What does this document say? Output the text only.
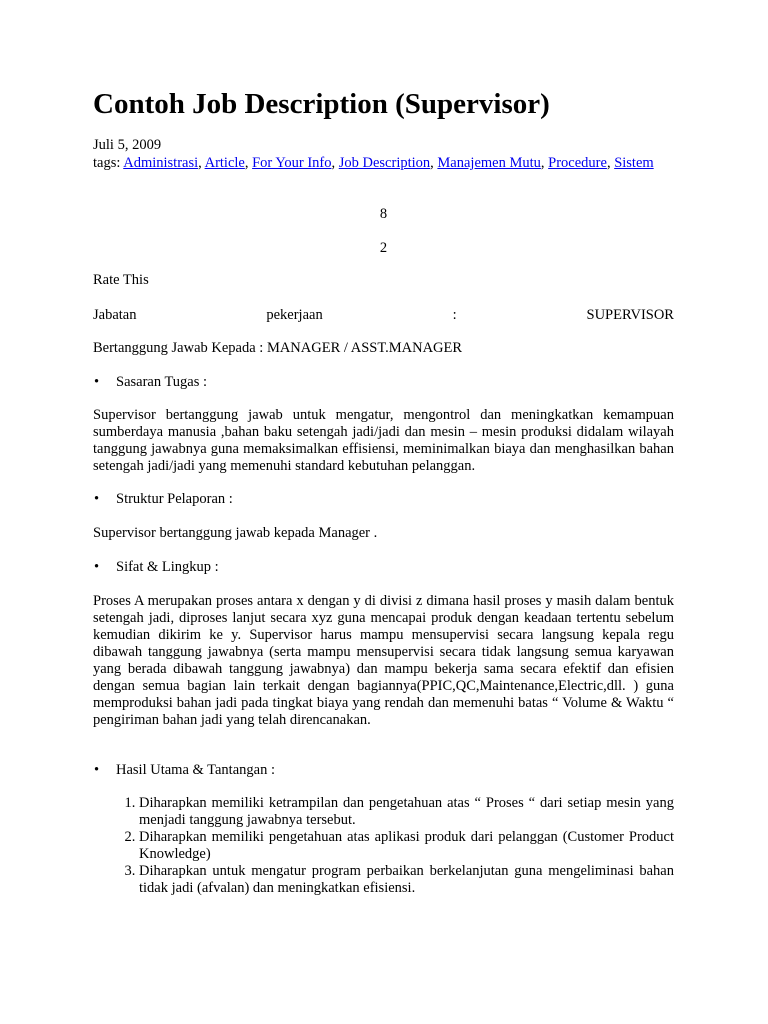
Contoh Job Description (Supervisor)
Juli 5, 2009
tags: Administrasi, Article, For Your Info, Job Description, Manajemen Mutu, Procedure, Sistem
8
2
Rate This
Jabatan	pekerjaan	:	SUPERVISOR
Bertanggung Jawab Kepada : MANAGER / ASST.MANAGER
• Sasaran Tugas :
Supervisor bertanggung jawab untuk mengatur, mengontrol dan meningkatkan kemampuan sumberdaya manusia ,bahan baku setengah jadi/jadi dan mesin – mesin produksi didalam wilayah tanggung jawabnya guna memaksimalkan effisiensi, meminimalkan biaya dan menghasilkan bahan setengah jadi/jadi yang memenuhi standard kebutuhan pelanggan.
• Struktur Pelaporan :
Supervisor bertanggung jawab kepada Manager .
• Sifat & Lingkup :
Proses A merupakan proses antara x dengan y di divisi z dimana hasil proses y masih dalam bentuk setengah jadi, diproses lanjut secara xyz guna mencapai produk dengan keadaan tertentu sebelum kemudian dikirim ke y. Supervisor harus mampu mensupervisi secara langsung kepala regu dibawah tanggung jawabnya (serta mampu mensupervisi secara tidak langsung semua karyawan yang berada dibawah tanggung jawabnya) dan mampu bekerja sama secara efektif dan efisien dengan semua bagian lain terkait dengan bagiannya(PPIC,QC,Maintenance,Electric,dll. ) guna memproduksi bahan jadi pada tingkat biaya yang rendah dan memenuhi batas “ Volume & Waktu “ pengiriman bahan jadi yang telah direncanakan.
• Hasil Utama & Tantangan :
1. Diharapkan memiliki ketrampilan dan pengetahuan atas “ Proses “ dari setiap mesin yang menjadi tanggung jawabnya tersebut.
2. Diharapkan memiliki pengetahuan atas aplikasi produk dari pelanggan (Customer Product Knowledge)
3. Diharapkan untuk mengatur program perbaikan berkelanjutan guna mengeliminasi bahan tidak jadi (afvalan) dan meningkatkan efisiensi.
